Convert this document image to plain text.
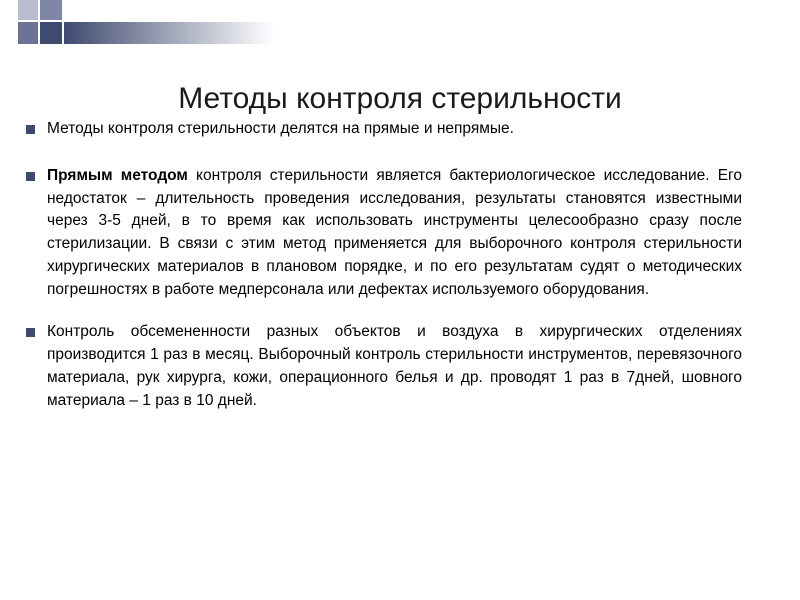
Методы контроля стерильности
Методы контроля стерильности делятся на прямые и непрямые.
Прямым методом контроля стерильности является бактериологическое исследование. Его недостаток – длительность проведения исследования, результаты становятся известными через 3-5 дней, в то время как использовать инструменты целесообразно сразу после стерилизации. В связи с этим метод применяется для выборочного контроля стерильности хирургических материалов в плановом порядке, и по его результатам судят о методических погрешностях в работе медперсонала или дефектах используемого оборудования.
Контроль обсемененности разных объектов и воздуха в хирургических отделениях производится 1 раз в месяц. Выборочный контроль стерильности инструментов, перевязочного материала, рук хирурга, кожи, операционного белья и др. проводят 1 раз в 7дней, шовного материала – 1 раз в 10 дней.
